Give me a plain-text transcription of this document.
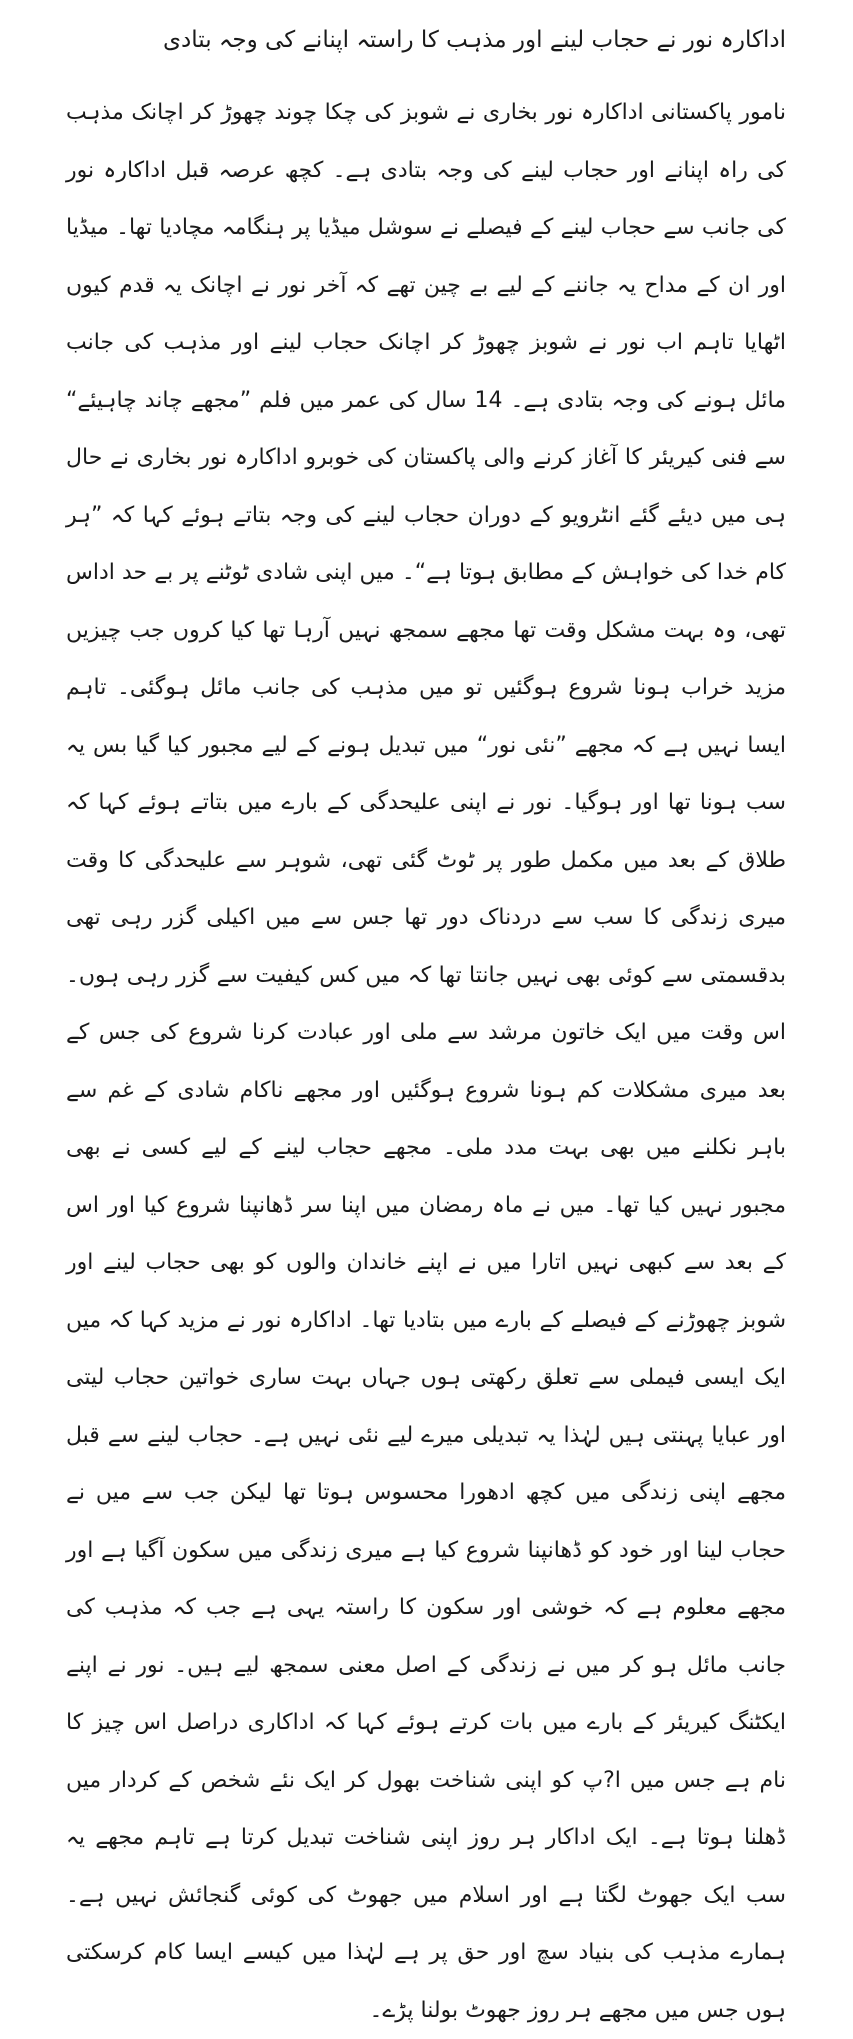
اداکارہ نور نے حجاب لینے اور مذہب کا راستہ اپنانے کی وجہ بتادی

نامور پاکستانی اداکارہ نور بخاری نے شوبز کی چکا چوند چھوڑ کر اچانک مذہب کی راہ اپنانے اور حجاب لینے کی وجہ بتادی ہے۔ کچھ عرصہ قبل اداکارہ نور کی جانب سے حجاب لینے کے فیصلے نے سوشل میڈیا پر ہنگامہ مچادیا تھا۔ میڈیا اور ان کے مداح یہ جاننے کے لیے بے چین تھے کہ آخر نور نے اچانک یہ قدم کیوں اٹھایا تاہم اب نور نے شوبز چھوڑ کر اچانک حجاب لینے اور مذہب کی جانب مائل ہونے کی وجہ بتادی ہے۔ 14 سال کی عمر میں فلم ”مجھے چاند چاہیئے“ سے فنی کیریئر کا آغاز کرنے والی پاکستان کی خوبرو اداکارہ نور بخاری نے حال ہی میں دیئے گئے انٹرویو کے دوران حجاب لینے کی وجہ بتاتے ہوئے کہا کہ ”ہر کام خدا کی خواہش کے مطابق ہوتا ہے“۔ میں اپنی شادی ٹوٹنے پر بے حد اداس تھی، وہ بہت مشکل وقت تھا مجھے سمجھ نہیں آرہا تھا کیا کروں جب چیزیں مزید خراب ہونا شروع ہوگئیں تو میں مذہب کی جانب مائل ہوگئی۔ تاہم ایسا نہیں ہے کہ مجھے ”نئی نور“ میں تبدیل ہونے کے لیے مجبور کیا گیا بس یہ سب ہونا تھا اور ہوگیا۔ نور نے اپنی علیحدگی کے بارے میں بتاتے ہوئے کہا کہ طلاق کے بعد میں مکمل طور پر ٹوٹ گئی تھی، شوہر سے علیحدگی کا وقت میری زندگی کا سب سے دردناک دور تھا جس سے میں اکیلی گزر رہی تھی بدقسمتی سے کوئی بھی نہیں جانتا تھا کہ میں کس کیفیت سے گزر رہی ہوں۔ اس وقت میں ایک خاتون مرشد سے ملی اور عبادت کرنا شروع کی جس کے بعد میری مشکلات کم ہونا شروع ہوگئیں اور مجھے ناکام شادی کے غم سے باہر نکلنے میں بھی بہت مدد ملی۔ مجھے حجاب لینے کے لیے کسی نے بھی مجبور نہیں کیا تھا۔ میں نے ماہ رمضان میں اپنا سر ڈھانپنا شروع کیا اور اس کے بعد سے کبھی نہیں اتارا میں نے اپنے خاندان والوں کو بھی حجاب لینے اور شوبز چھوڑنے کے فیصلے کے بارے میں بتادیا تھا۔ اداکارہ نور نے مزید کہا کہ میں ایک ایسی فیملی سے تعلق رکھتی ہوں جہاں بہت ساری خواتین حجاب لیتی اور عبایا پہنتی ہیں لہٰذا یہ تبدیلی میرے لیے نئی نہیں ہے۔ حجاب لینے سے قبل مجھے اپنی زندگی میں کچھ ادھورا محسوس ہوتا تھا لیکن جب سے میں نے حجاب لینا اور خود کو ڈھانپنا شروع کیا ہے میری زندگی میں سکون آگیا ہے اور مجھے معلوم ہے کہ خوشی اور سکون کا راستہ یہی ہے جب کہ مذہب کی جانب مائل ہو کر میں نے زندگی کے اصل معنی سمجھ لیے ہیں۔ نور نے اپنے ایکٹنگ کیریئر کے بارے میں بات کرتے ہوئے کہا کہ اداکاری دراصل اس چیز کا نام ہے جس میں ا?پ کو اپنی شناخت بھول کر ایک نئے شخص کے کردار میں ڈھلنا ہوتا ہے۔ ایک اداکار ہر روز اپنی شناخت تبدیل کرتا ہے تاہم مجھے یہ سب ایک جھوٹ لگتا ہے اور اسلام میں جھوٹ کی کوئی گنجائش نہیں ہے۔ ہمارے مذہب کی بنیاد سچ اور حق پر ہے لہٰذا میں کیسے ایسا کام کرسکتی ہوں جس میں مجھے ہر روز جھوٹ بولنا پڑے۔
